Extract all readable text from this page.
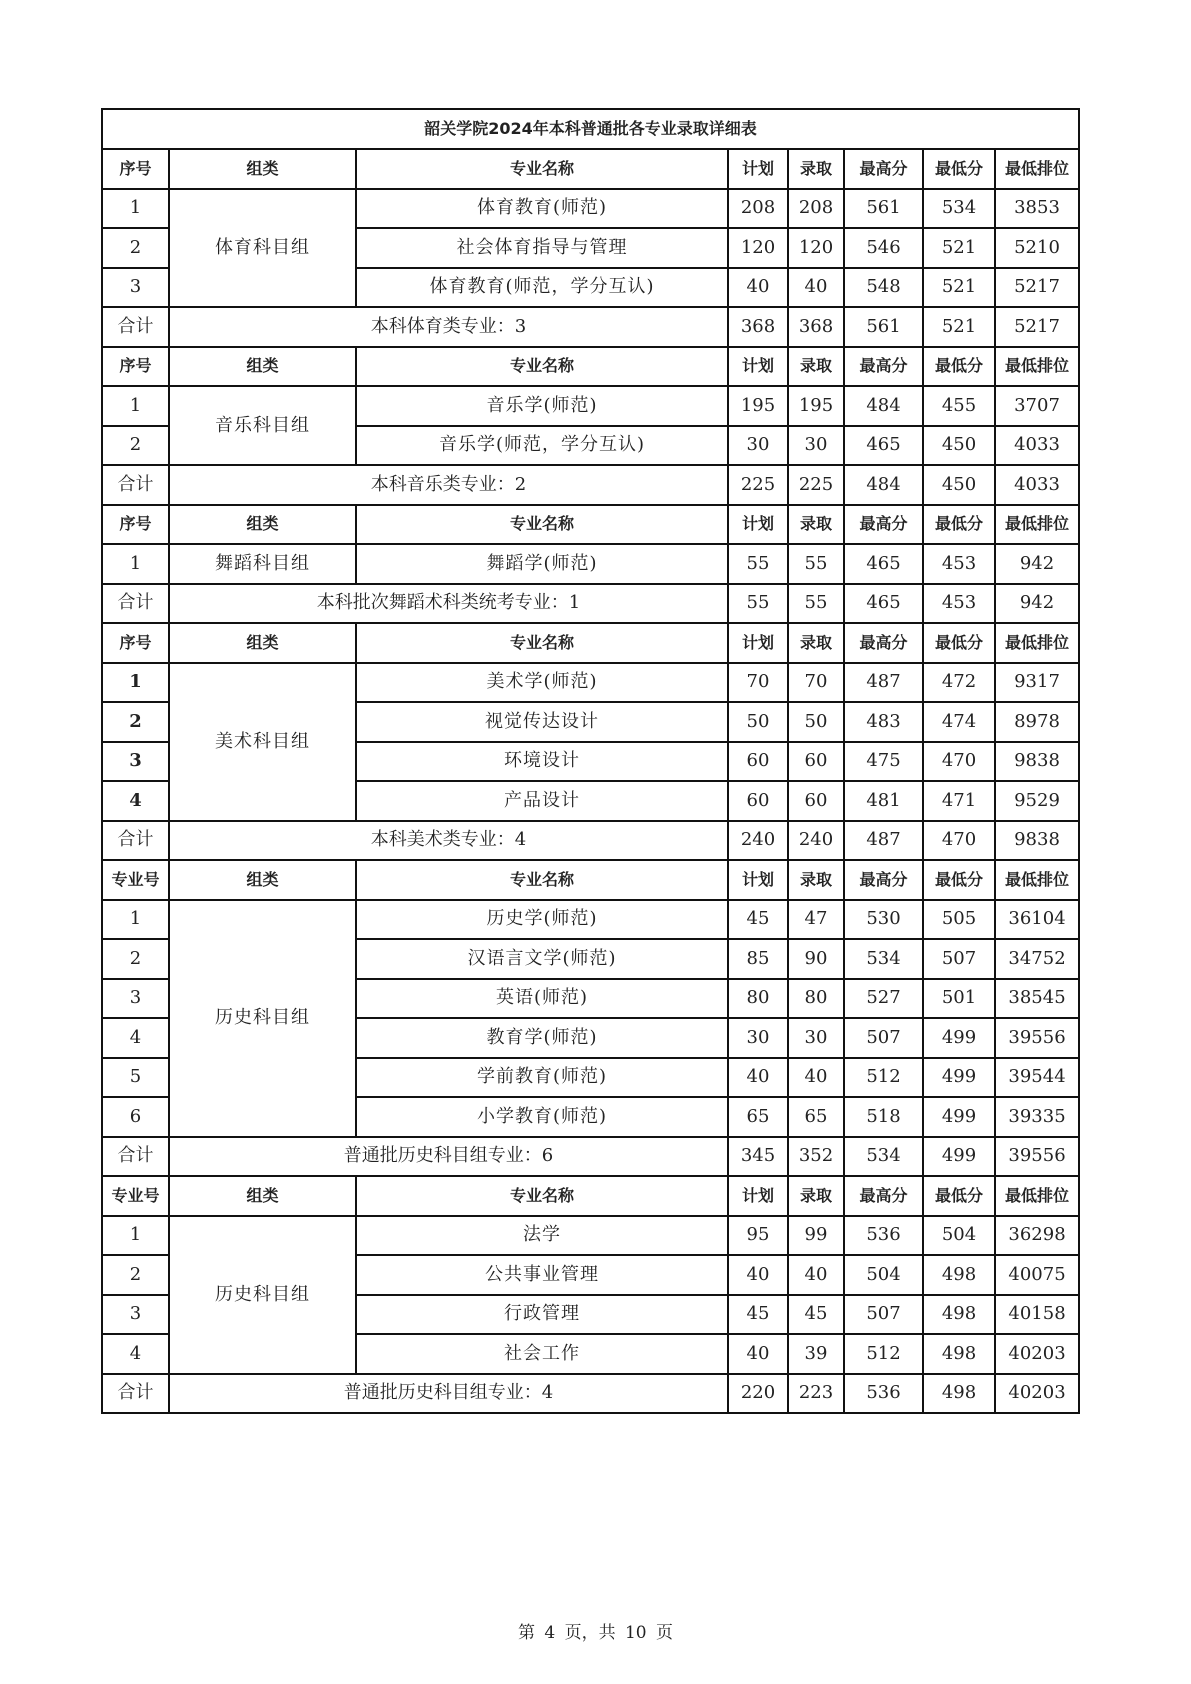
韶关学院2024年本科普通批各专业录取详细表							
序号	组类	专业名称	计划	录取	最高分	最低分	最低排位
1	体育科目组	体育教育(师范)	208	208	561	534	3853
2		社会体育指导与管理	120	120	546	521	5210
3		体育教育(师范，学分互认)	40	40	548	521	5217
合计	本科体育类专业：3		368	368	561	521	5217
序号	组类	专业名称	计划	录取	最高分	最低分	最低排位
1	音乐科目组	音乐学(师范)	195	195	484	455	3707
2		音乐学(师范，学分互认)	30	30	465	450	4033
合计	本科音乐类专业：2		225	225	484	450	4033
序号	组类	专业名称	计划	录取	最高分	最低分	最低排位
1	舞蹈科目组	舞蹈学(师范)	55	55	465	453	942
合计	本科批次舞蹈术科类统考专业：1		55	55	465	453	942
序号	组类	专业名称	计划	录取	最高分	最低分	最低排位
1	美术科目组	美术学(师范)	70	70	487	472	9317
2		视觉传达设计	50	50	483	474	8978
3		环境设计	60	60	475	470	9838
4		产品设计	60	60	481	471	9529
合计	本科美术类专业：4		240	240	487	470	9838
专业号	组类	专业名称	计划	录取	最高分	最低分	最低排位
1	历史科目组	历史学(师范)	45	47	530	505	36104
2		汉语言文学(师范)	85	90	534	507	34752
3		英语(师范)	80	80	527	501	38545
4		教育学(师范)	30	30	507	499	39556
5		学前教育(师范)	40	40	512	499	39544
6		小学教育(师范)	65	65	518	499	39335
合计	普通批历史科目组专业：6		345	352	534	499	39556
专业号	组类	专业名称	计划	录取	最高分	最低分	最低排位
1	历史科目组	法学	95	99	536	504	36298
2		公共事业管理	40	40	504	498	40075
3		行政管理	45	45	507	498	40158
4		社会工作	40	39	512	498	40203
合计	普通批历史科目组专业：4		220	223	536	498	40203
第 4 页，共 10 页
